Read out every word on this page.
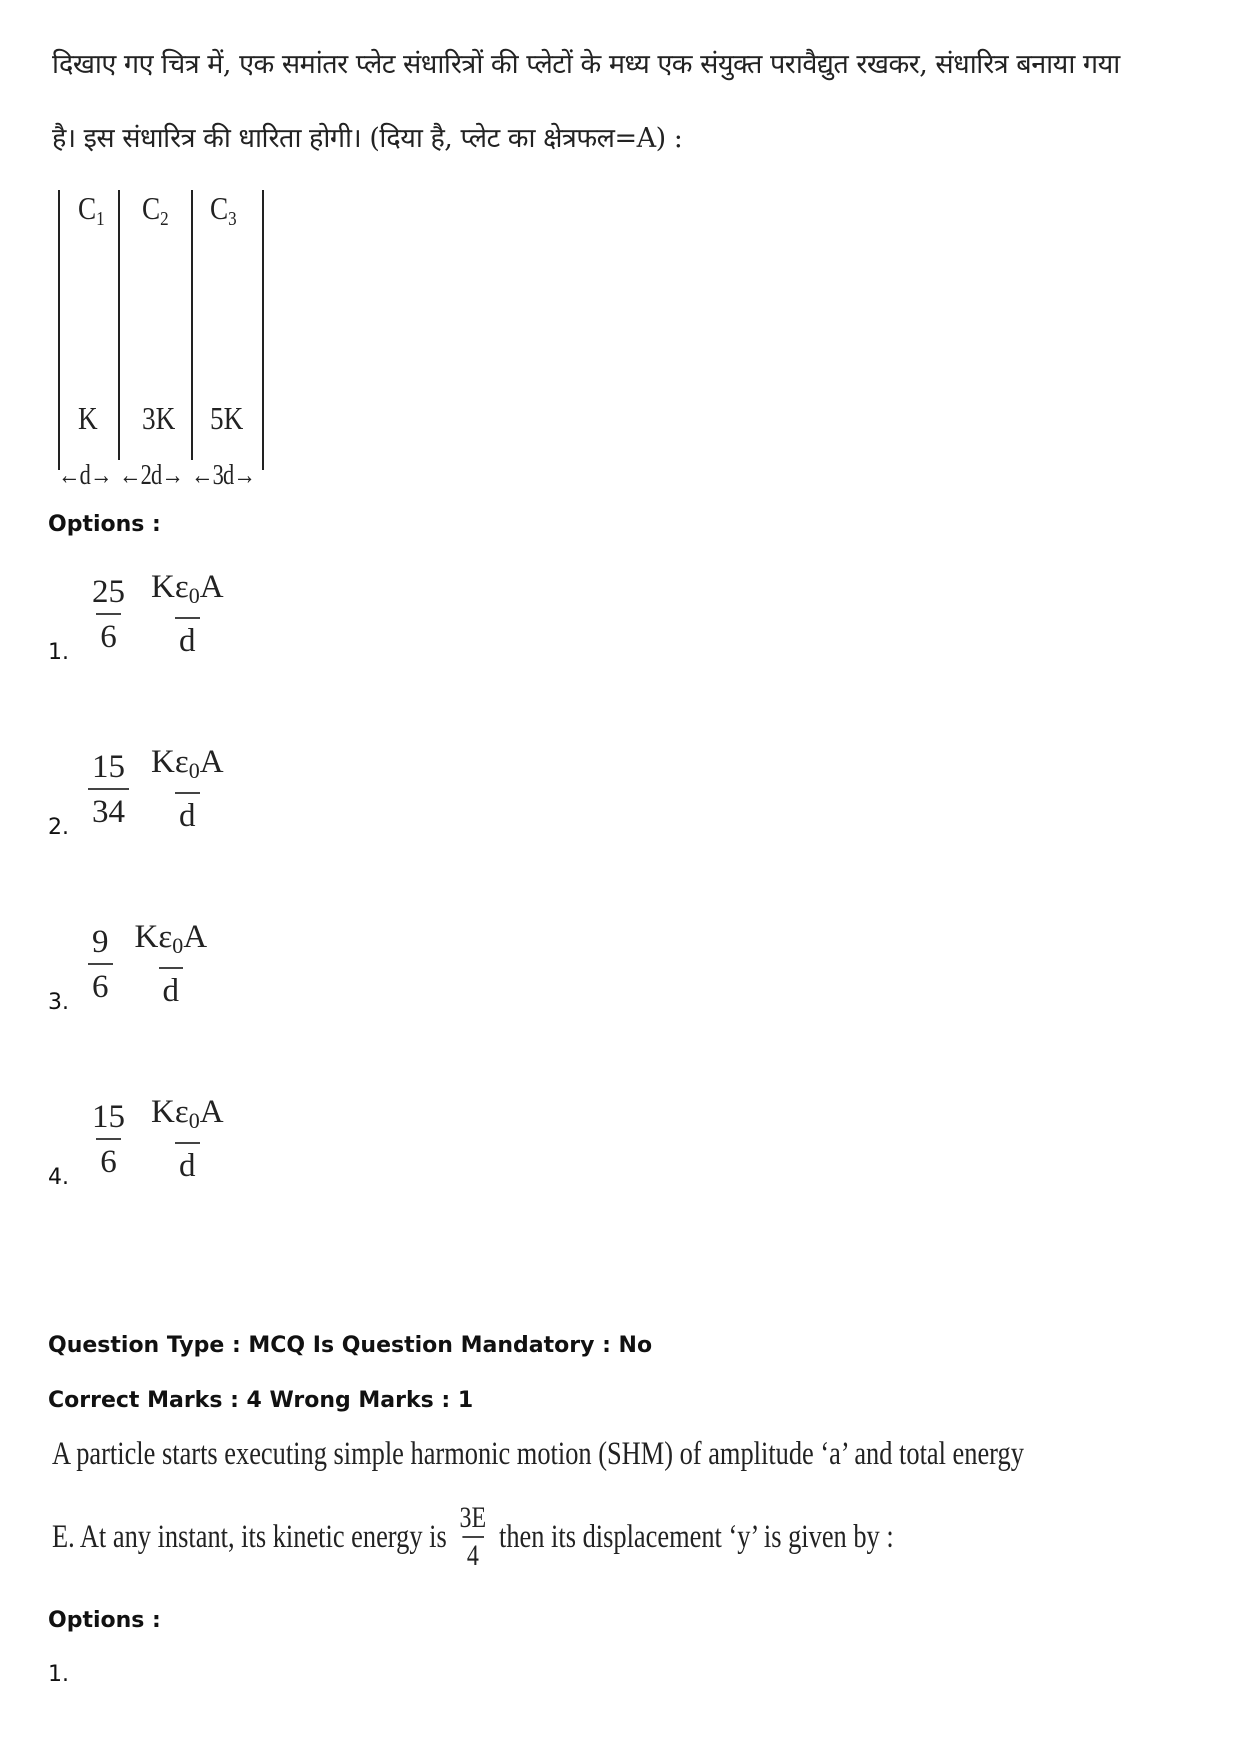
दिखाए गए चित्र में, एक समांतर प्लेट संधारित्रों की प्लेटों के मध्य एक संयुक्त परावैद्युत रखकर, संधारित्र बनाया गया
है। इस संधारित्र की धारिता होगी। (दिया है, प्लेट का क्षेत्रफल=A) :
$C_1$ $C_2$ $C_3$
K 3K 5K
←d→ ←2d→ ←3d→
Options :
1. $\frac{25}{6} \frac{K\varepsilon_0A}{d}$
2. $\frac{15}{34} \frac{K\varepsilon_0A}{d}$
3. $\frac{9}{6} \frac{K\varepsilon_0A}{d}$
4. $\frac{15}{6} \frac{K\varepsilon_0A}{d}$
Question Type : MCQ Is Question Mandatory : No
Correct Marks : 4 Wrong Marks : 1
A particle starts executing simple harmonic motion (SHM) of amplitude ‘a’ and total energy
E. At any instant, its kinetic energy is
3E
4
then its displacement ‘y’ is given by :
Options :
1.
